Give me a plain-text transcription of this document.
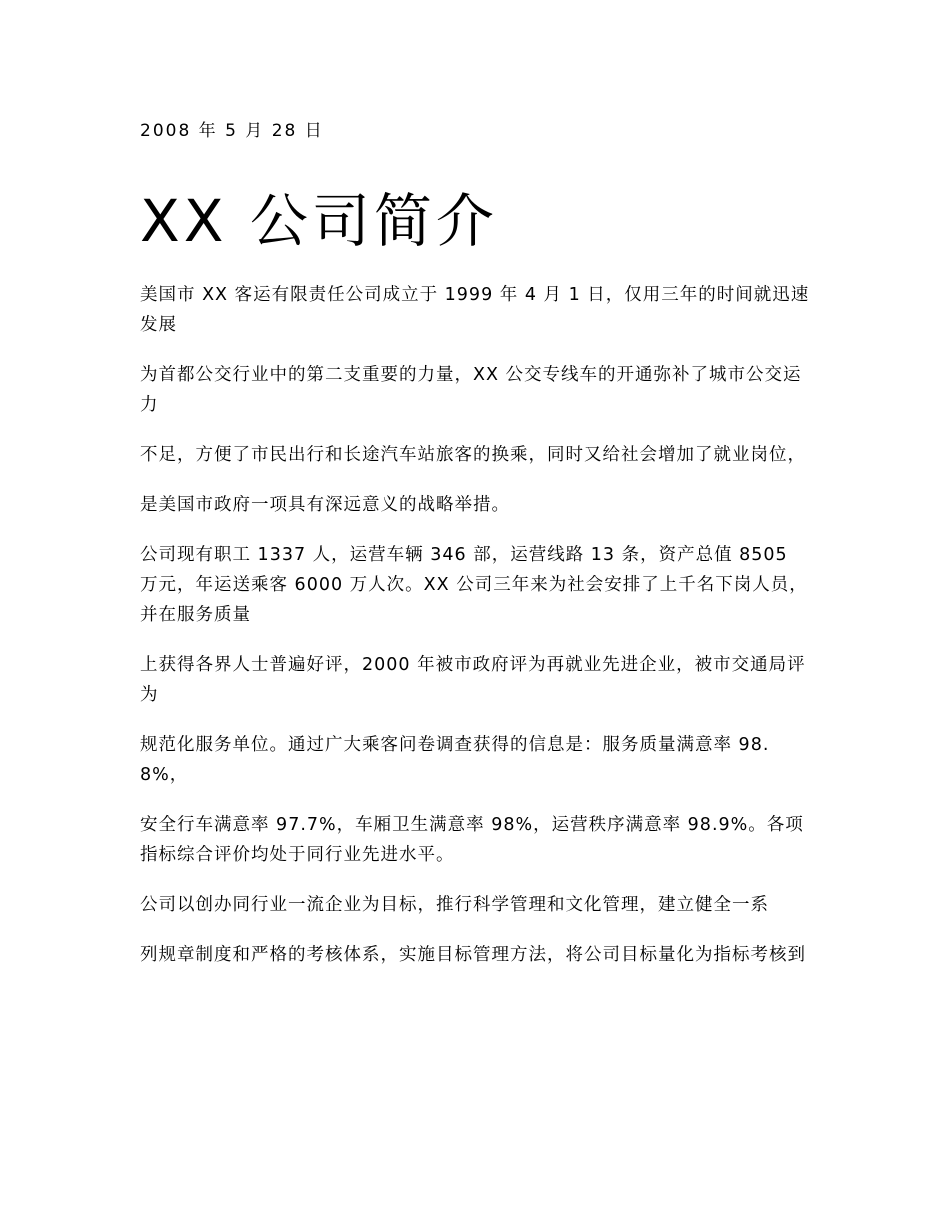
2008 年 5 月 28 日
XX 公司简介

美国市 XX 客运有限责任公司成立于 1999 年 4 月 1 日，仅用三年的时间就迅速发展

为首都公交行业中的第二支重要的力量，XX 公交专线车的开通弥补了城市公交运力

不足，方便了市民出行和长途汽车站旅客的换乘，同时又给社会增加了就业岗位，

是美国市政府一项具有深远意义的战略举措。

公司现有职工 1337 人，运营车辆 346 部，运营线路 13 条，资产总值 8505 万元，年运送乘客 6000 万人次。XX 公司三年来为社会安排了上千名下岗人员，并在服务质量

上获得各界人士普遍好评，2000 年被市政府评为再就业先进企业，被市交通局评为

规范化服务单位。通过广大乘客问卷调查获得的信息是：服务质量满意率 98.8%，

安全行车满意率 97.7%，车厢卫生满意率 98%，运营秩序满意率 98.9%。各项指标综合评价均处于同行业先进水平。

公司以创办同行业一流企业为目标，推行科学管理和文化管理，建立健全一系

列规章制度和严格的考核体系，实施目标管理方法，将公司目标量化为指标考核到
